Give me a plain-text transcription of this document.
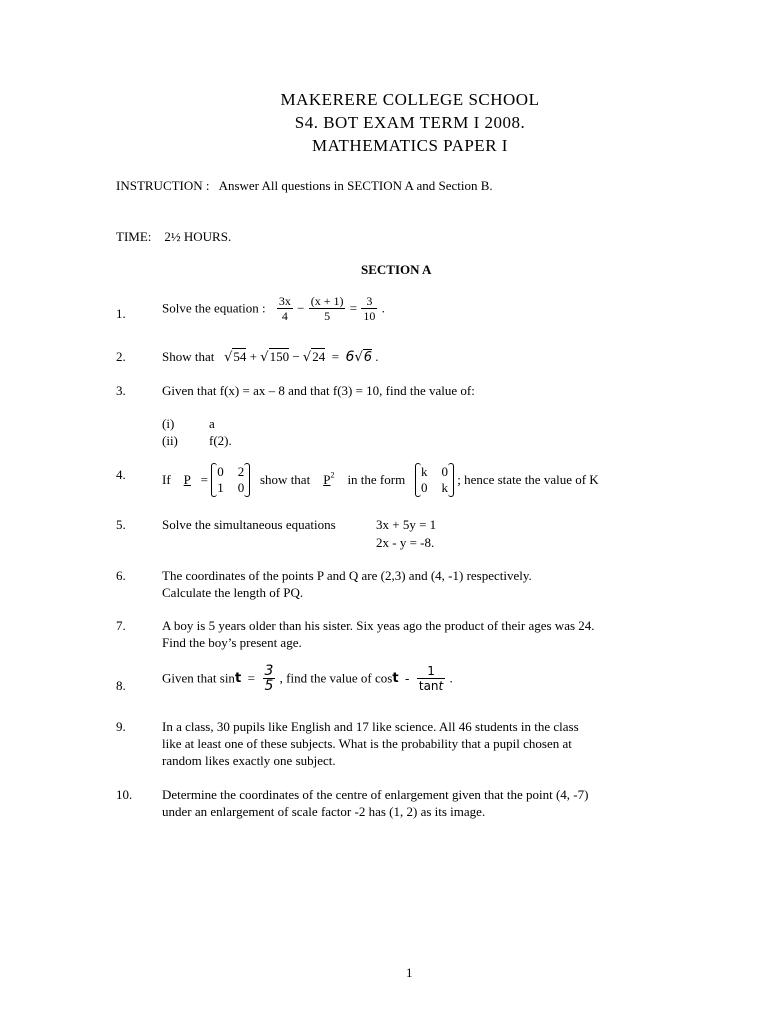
MAKERERE COLLEGE SCHOOL
S4. BOT EXAM TERM I 2008.
MATHEMATICS PAPER I
INSTRUCTION : Answer All questions in SECTION A and Section B.
TIME: 2½ HOURS.
SECTION A
1.	Solve the equation : $\frac{3x}{4} - \frac{(x + 1)}{5} = \frac{3}{10}$ .
2.	Show that √54 + √150 − √24 = 6√6 .
3.	Given that f(x) = ax – 8 and that f(3) = 10, find the value of:
(i)	a
(ii) f(2).
4.	If P =
0 2
1 0
show that $P^2$ in the form
k 0
0 k
; hence state the value of K
5.	Solve the simultaneous equations	3x + 5y = 1
2x - y = -8.
6.	The coordinates of the points P and Q are (2,3) and (4, -1) respectively.
Calculate the length of PQ.
7.	A boy is 5 years older than his sister. Six yeas ago the product of their ages was 24.
Find the boy’s present age.
8.	Given that $\sin t = \frac{3}{5}$ , find the value of cost - $\frac{1}{\tan t}$ .
9.	In a class, 30 pupils like English and 17 like science. All 46 students in the class
like at least one of these subjects. What is the probability that a pupil chosen at
random likes exactly one subject.
10. Determine the coordinates of the centre of enlargement given that the point (4, -7)
under an enlargement of scale factor -2 has (1, 2) as its image.
1
